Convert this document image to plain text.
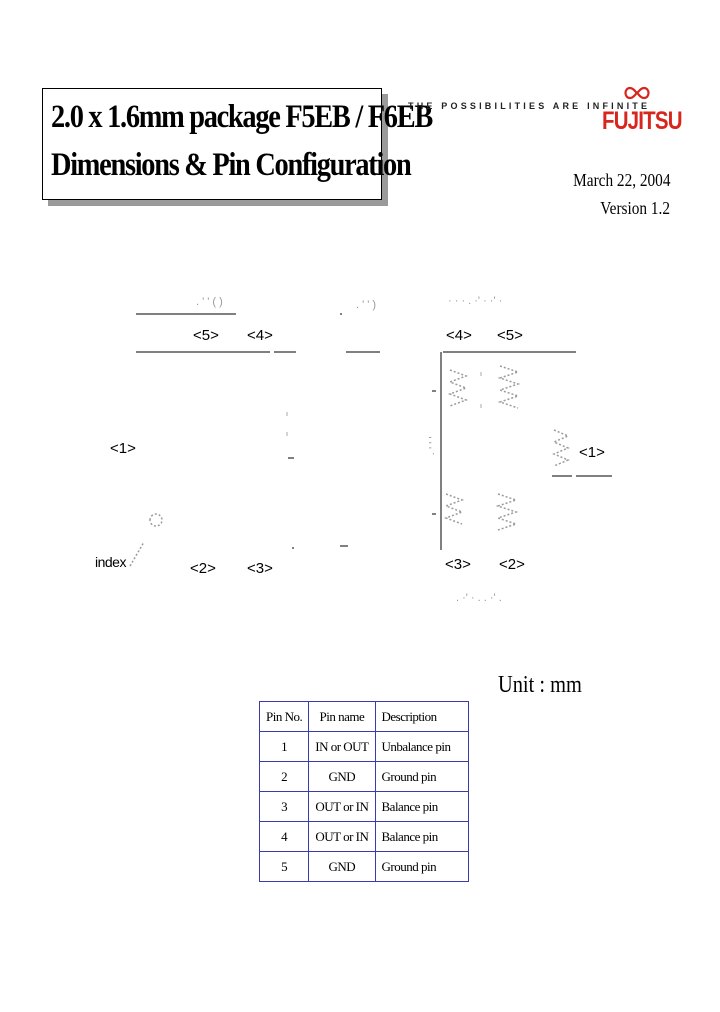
2.0 x 1.6mm package F5EB / F6EB
Dimensions & Pin Configuration
THE POSSIBILITIES ARE INFINITE
FUJITSU
March 22, 2004
Version 1.2
. ' ' ( )	. ' ' )	· · · . ·' · ·' ·
· ' ' '
. ·' · . . ·' .
<5> <4>
<1>
index	<2> <3>
<4> <5>
<1>
<3> <2>
Unit : mm
Pin No.	Pin name	Description
1	IN or OUT	Unbalance pin
2	GND	Ground pin
3	OUT or IN	Balance pin
4	OUT or IN	Balance pin
5	GND	Ground pin
